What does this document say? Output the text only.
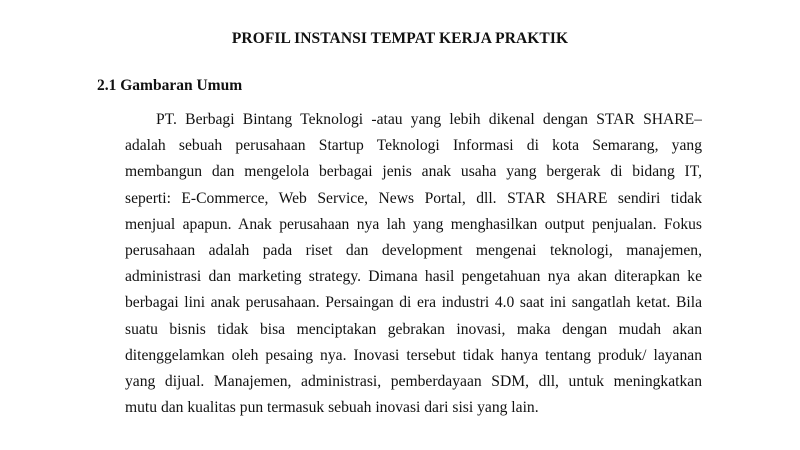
PROFIL INSTANSI TEMPAT KERJA PRAKTIK
2.1 Gambaran Umum
PT. Berbagi Bintang Teknologi -atau yang lebih dikenal dengan STAR SHARE–
adalah sebuah perusahaan Startup Teknologi Informasi di kota Semarang, yang
membangun dan mengelola berbagai jenis anak usaha yang bergerak di bidang IT,
seperti: E-Commerce, Web Service, News Portal, dll. STAR SHARE sendiri tidak
menjual apapun. Anak perusahaan nya lah yang menghasilkan output penjualan. Fokus
perusahaan adalah pada riset dan development mengenai teknologi, manajemen,
administrasi dan marketing strategy. Dimana hasil pengetahuan nya akan diterapkan ke
berbagai lini anak perusahaan. Persaingan di era industri 4.0 saat ini sangatlah ketat. Bila
suatu bisnis tidak bisa menciptakan gebrakan inovasi, maka dengan mudah akan
ditenggelamkan oleh pesaing nya. Inovasi tersebut tidak hanya tentang produk/ layanan
yang dijual. Manajemen, administrasi, pemberdayaan SDM, dll, untuk meningkatkan
mutu dan kualitas pun termasuk sebuah inovasi dari sisi yang lain.
